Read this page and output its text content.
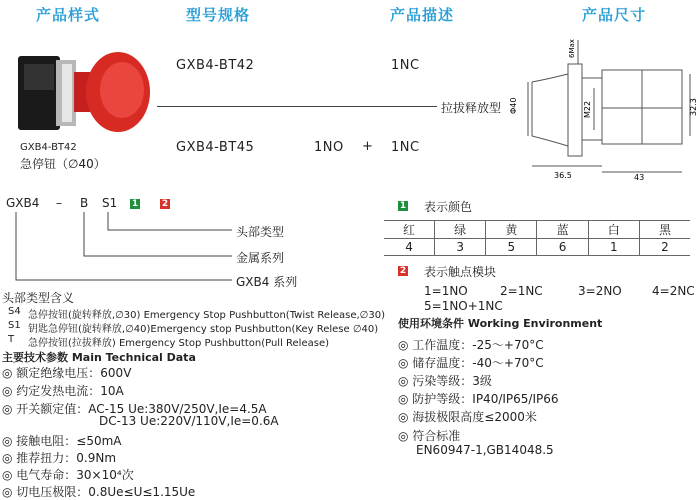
产品样式	型号规格	产品描述	产品尺寸
GXB4-BT42
急停钮（∅40）
GXB4-BT42	1NC
拉拔释放型
GXB4-BT45	1NO + 1NC
Φ40	M22	32.3
6Max
36.5	43
GXB4 – B S1 1	2
头部类型
金属系列
GXB4 系列
头部类型含义
S4 急停按钮(旋转释放,∅30) Emergency Stop Pushbutton(Twist Release,∅30)
S1 钥匙急停钮(旋转释放,∅40)Emergency stop Pushbutton(Key Relese ∅40)
T 急停按钮(拉拔释放) Emergency Stop Pushbutton(Pull Release)
主要技术参数 Main Technical Data
◎ 额定绝缘电压：600V
◎ 约定发热电流：10A
◎ 开关额定值：AC-15 Ue:380V/250V,Ie=4.5A
DC-13 Ue:220V/110V,Ie=0.6A
◎ 接触电阻：≤50mA
◎ 推荐扭力：0.9Nm
◎ 电气寿命：30×10⁴次
◎ 切电压极限：0.8Ue≤U≤1.15Ue
1 表示颜色
红	绿	黄	蓝	白	黑
4	3	5	6	1	2
2 表示触点模块
1=1NO	2=1NC	3=2NO	4=2NC
5=1NO+1NC
使用环境条件 Working Environment
◎ 工作温度：-25～+70°C
◎ 储存温度：-40～+70°C
◎ 污染等级：3级
◎ 防护等级：IP40/IP65/IP66
◎ 海拔极限高度≤2000米
◎ 符合标准
EN60947-1,GB14048.5
